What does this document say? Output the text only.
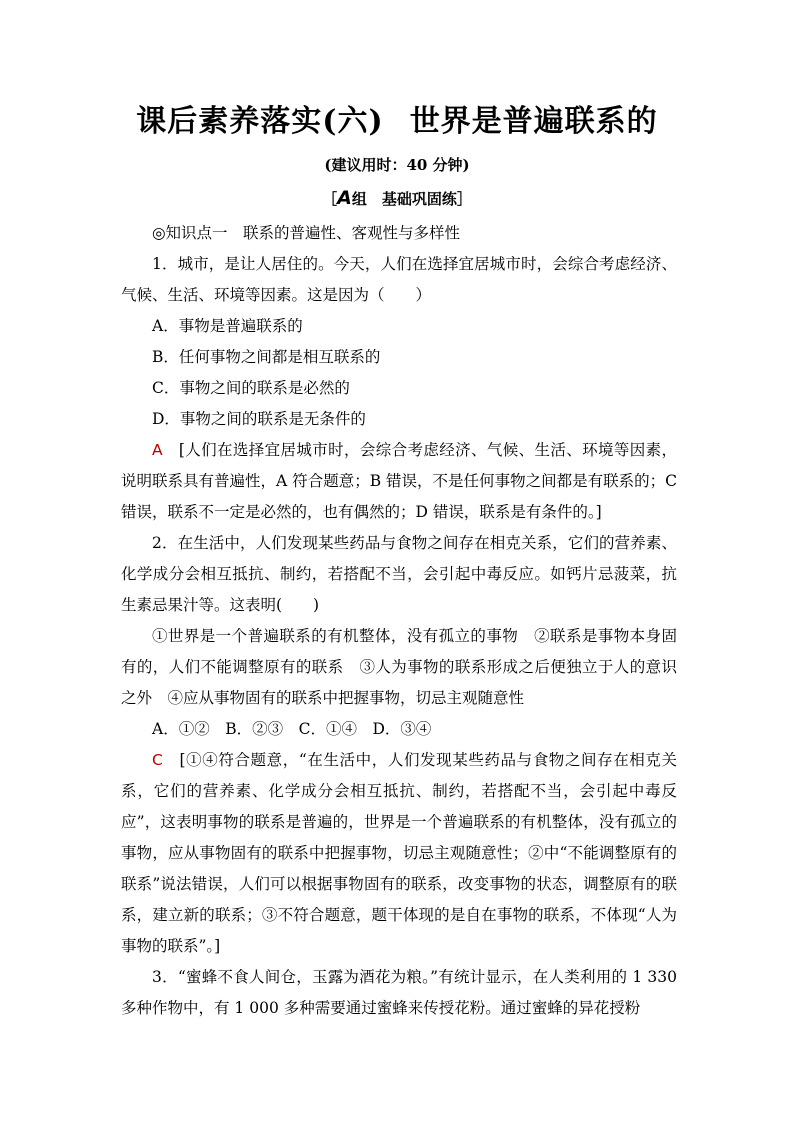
课后素养落实(六) 世界是普遍联系的
(建议用时：40 分钟)
［A组　基础巩固练］

◎知识点一　联系的普遍性、客观性与多样性

1．城市，是让人居住的。今天，人们在选择宜居城市时，会综合考虑经济、气候、生活、环境等因素。这是因为（　　）

A．事物是普遍联系的

B．任何事物之间都是相互联系的

C．事物之间的联系是必然的

D．事物之间的联系是无条件的

A　 [人们在选择宜居城市时，会综合考虑经济、气候、生活、环境等因素，说明联系具有普遍性，A 符合题意；B 错误，不是任何事物之间都是有联系的；C 错误，联系不一定是必然的，也有偶然的；D 错误，联系是有条件的。]

2．在生活中，人们发现某些药品与食物之间存在相克关系，它们的营养素、化学成分会相互抵抗、制约，若搭配不当，会引起中毒反应。如钙片忌菠菜，抗生素忌果汁等。这表明(　　)

①世界是一个普遍联系的有机整体，没有孤立的事物　②联系是事物本身固有的，人们不能调整原有的联系　③人为事物的联系形成之后便独立于人的意识之外　④应从事物固有的联系中把握事物，切忌主观随意性

A．①②　B．②③　C．①④　D．③④

C　 [①④符合题意，“在生活中，人们发现某些药品与食物之间存在相克关系，它们的营养素、化学成分会相互抵抗、制约，若搭配不当，会引起中毒反应”，这表明事物的联系是普遍的，世界是一个普遍联系的有机整体，没有孤立的事物，应从事物固有的联系中把握事物，切忌主观随意性；②中“不能调整原有的联系”说法错误，人们可以根据事物固有的联系，改变事物的状态，调整原有的联系，建立新的联系；③不符合题意，题干体现的是自在事物的联系，不体现“人为事物的联系”。]

3．“蜜蜂不食人间仓，玉露为酒花为粮。”有统计显示，在人类利用的 1 330 多种作物中，有 1 000 多种需要通过蜜蜂来传授花粉。通过蜜蜂的异花授粉
